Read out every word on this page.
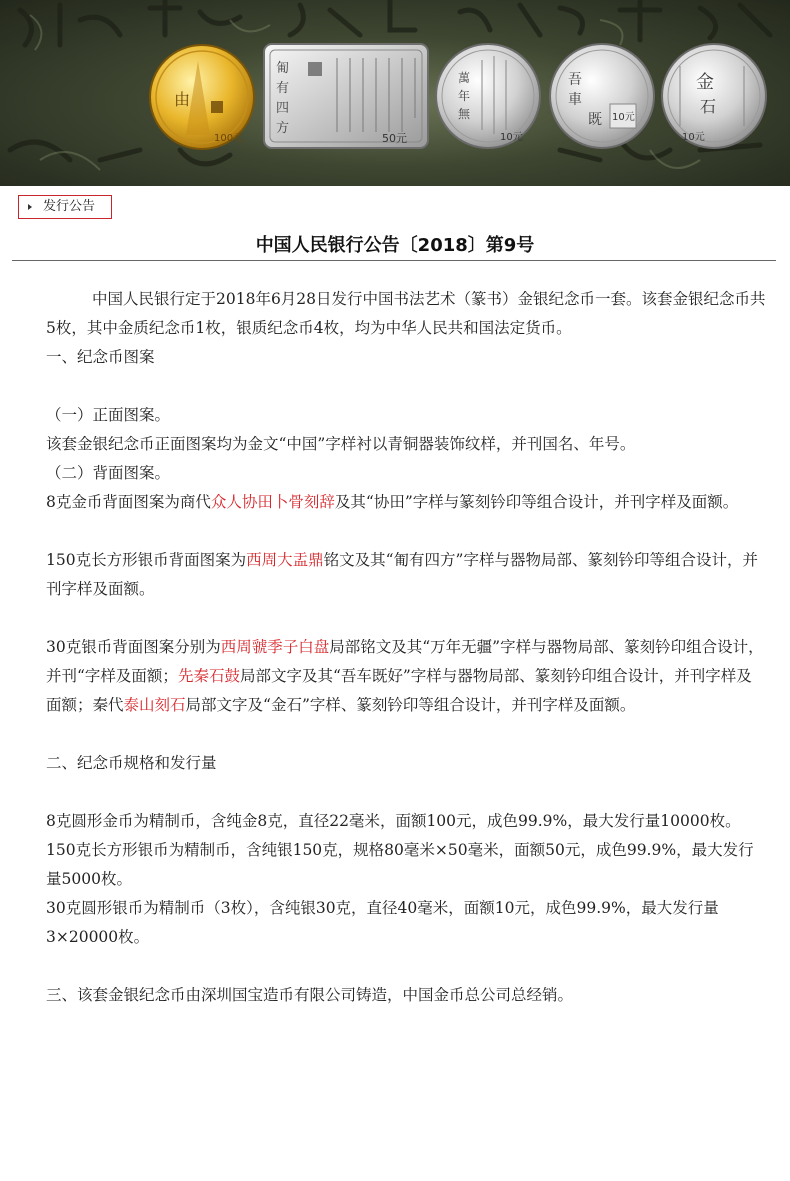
由
100元
匍
有
四
方
50元
萬
年
無
10元
吾
車
既 10元
金
石
10元
发行公告
中国人民银行公告〔2018〕第9号

中国人民银行定于2018年6月28日发行中国书法艺术（篆书）金银纪念币一套。该套金银纪念币共5枚，其中金质纪念币1枚，银质纪念币4枚，均为中华人民共和国法定货币。

一、纪念币图案

（一）正面图案。

该套金银纪念币正面图案均为金文“中国”字样衬以青铜器装饰纹样，并刊国名、年号。

（二）背面图案。

8克金币背面图案为商代众人协田卜骨刻辞及其“协田”字样与篆刻钤印等组合设计，并刊字样及面额。

150克长方形银币背面图案为西周大盂鼎铭文及其“匍有四方”字样与器物局部、篆刻钤印等组合设计，并刊字样及面额。

30克银币背面图案分别为西周虢季子白盘局部铭文及其“万年无疆”字样与器物局部、篆刻钤印组合设计，并刊“字样及面额；先秦石鼓局部文字及其“吾车既好”字样与器物局部、篆刻钤印组合设计，并刊字样及面额；秦代泰山刻石局部文字及“金石”字样、篆刻钤印等组合设计，并刊字样及面额。

二、纪念币规格和发行量

8克圆形金币为精制币，含纯金8克，直径22毫米，面额100元，成色99.9%，最大发行量10000枚。

150克长方形银币为精制币，含纯银150克，规格80毫米×50毫米，面额50元，成色99.9%，最大发行量5000枚。

30克圆形银币为精制币（3枚），含纯银30克，直径40毫米，面额10元，成色99.9%，最大发行量3×20000枚。

三、该套金银纪念币由深圳国宝造币有限公司铸造，中国金币总公司总经销。
